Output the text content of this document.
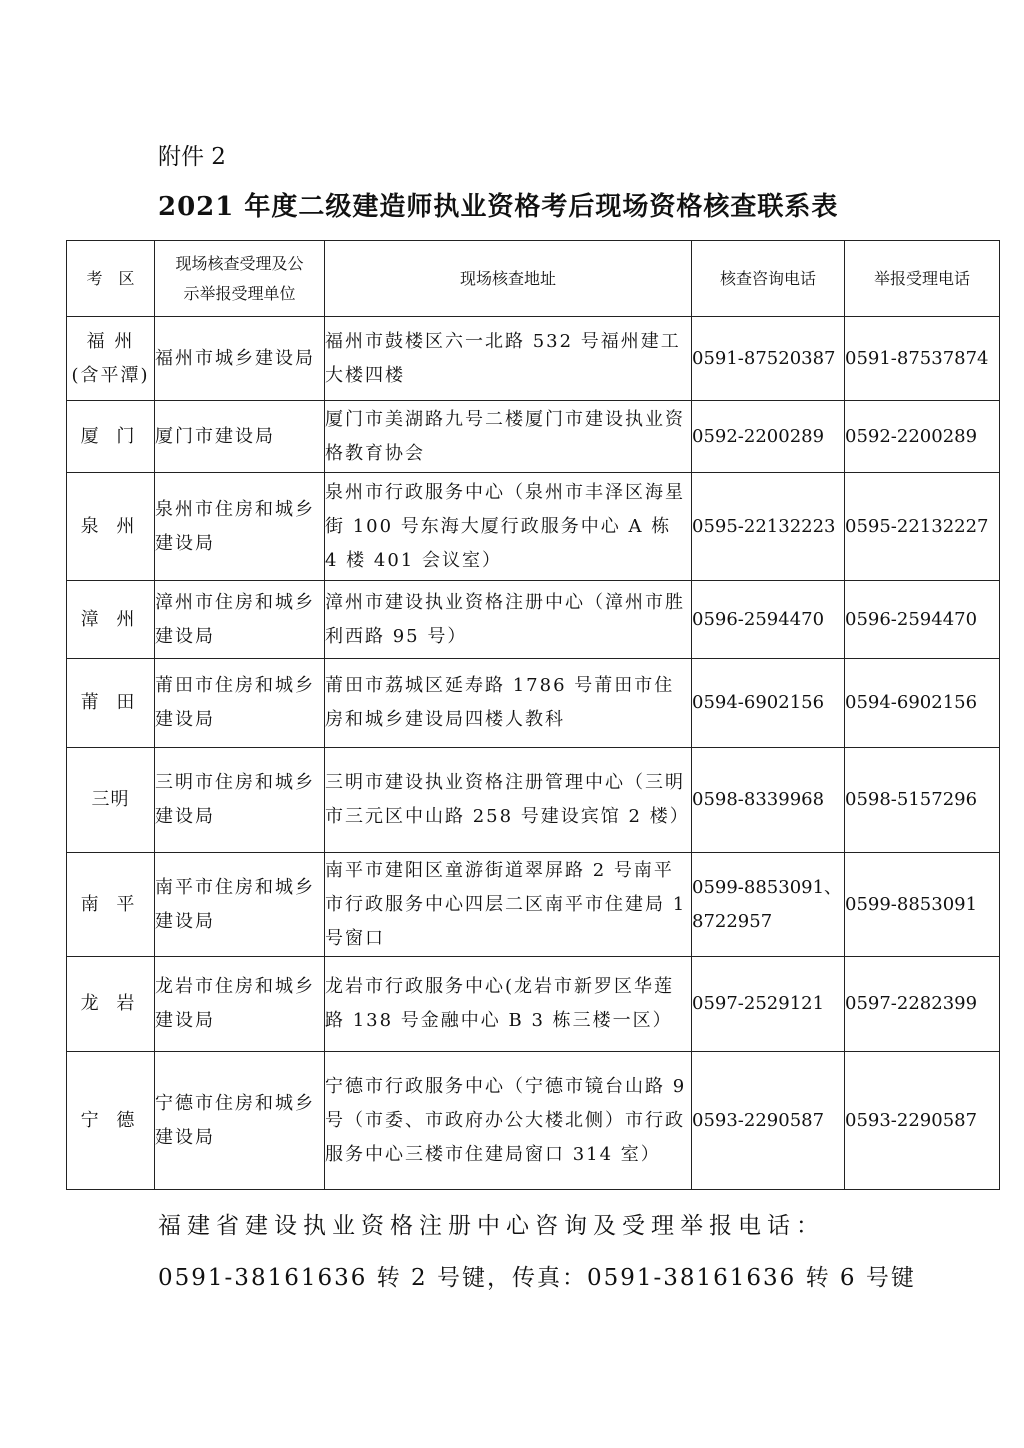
附件 2
2021 年度二级建造师执业资格考后现场资格核查联系表
考　区	现场核查受理及公示举报受理单位	现场核查地址	核查咨询电话	举报受理电话
福 州
(含平潭)	福州市城乡建设局	福州市鼓楼区六一北路 532 号福州建工大楼四楼	0591-87520387	0591-87537874
厦 门	厦门市建设局	厦门市美湖路九号二楼厦门市建设执业资格教育协会	0592-2200289	0592-2200289
泉 州	泉州市住房和城乡建设局	泉州市行政服务中心（泉州市丰泽区海星街 100 号东海大厦行政服务中心 A 栋 4 楼 401 会议室）	0595-22132223	0595-22132227
漳 州	漳州市住房和城乡建设局	漳州市建设执业资格注册中心（漳州市胜利西路 95 号）	0596-2594470	0596-2594470
莆 田	莆田市住房和城乡建设局	莆田市荔城区延寿路 1786 号莆田市住房和城乡建设局四楼人教科	0594-6902156	0594-6902156
三明	三明市住房和城乡建设局	三明市建设执业资格注册管理中心（三明市三元区中山路 258 号建设宾馆 2 楼）	0598-8339968	0598-5157296
南 平	南平市住房和城乡建设局	南平市建阳区童游街道翠屏路 2 号南平市行政服务中心四层二区南平市住建局 1 号窗口	0599-8853091、8722957	0599-8853091
龙 岩	龙岩市住房和城乡建设局	龙岩市行政服务中心(龙岩市新罗区华莲路 138 号金融中心 B 3 栋三楼一区）	0597-2529121	0597-2282399
宁 德	宁德市住房和城乡建设局	宁德市行政服务中心（宁德市镜台山路 9 号（市委、市政府办公大楼北侧）市行政服务中心三楼市住建局窗口 314 室）	0593-2290587	0593-2290587
福建省建设执业资格注册中心咨询及受理举报电话：
0591-38161636 转 2 号键，传真：0591-38161636 转 6 号键
